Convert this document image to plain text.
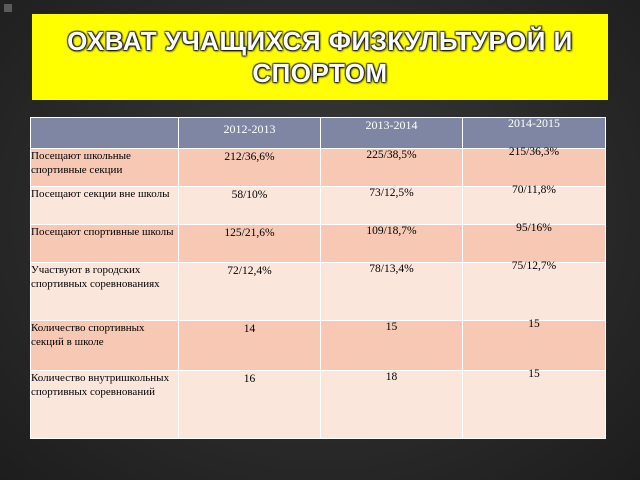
ОХВАТ УЧАЩИХСЯ ФИЗКУЛЬТУРОЙ И СПОРТОМ

	2012-2013	2013-2014	2014-2015

Посещают школьные спортивные секции	212/36,6%	225/38,5%	215/36,3%

Посещают секции вне школы	58/10%	73/12,5%	70/11,8%

Посещают спортивные школы	125/21,6%	109/18,7%	95/16%

Участвуют в городских спортивных соревнованиях	72/12,4%	78/13,4%	75/12,7%

Количество спортивных секций в школе	14	15	15

Количество внутришкольных спортивных соревнований	16	18	15
